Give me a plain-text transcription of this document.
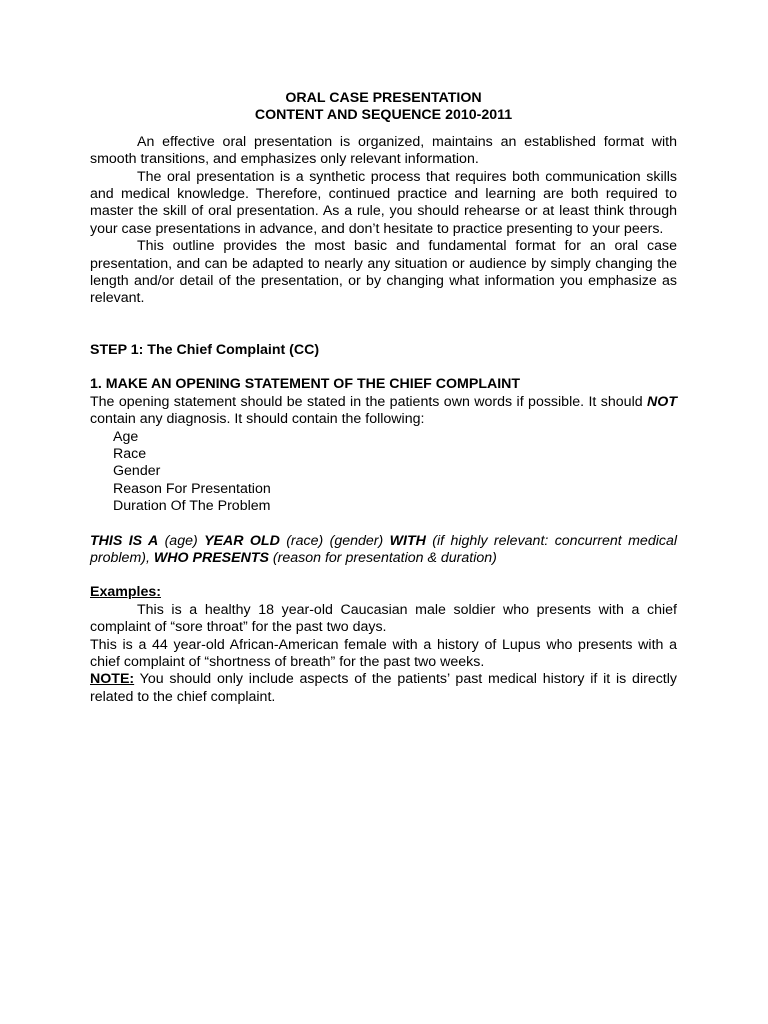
ORAL CASE PRESENTATION

CONTENT AND SEQUENCE 2010-2011

An effective oral presentation is organized, maintains an established format with smooth transitions, and emphasizes only relevant information.

The oral presentation is a synthetic process that requires both communication skills and medical knowledge. Therefore, continued practice and learning are both required to master the skill of oral presentation. As a rule, you should rehearse or at least think through your case presentations in advance, and don’t hesitate to practice presenting to your peers.

This outline provides the most basic and fundamental format for an oral case presentation, and can be adapted to nearly any situation or audience by simply changing the length and/or detail of the presentation, or by changing what information you emphasize as relevant.

STEP 1: The Chief Complaint (CC)

1. MAKE AN OPENING STATEMENT OF THE CHIEF COMPLAINT

The opening statement should be stated in the patients own words if possible. It should NOT contain any diagnosis. It should contain the following:

Age
Race
Gender
Reason For Presentation
Duration Of The Problem

THIS IS A (age) YEAR OLD (race) (gender) WITH (if highly relevant: concurrent medical problem), WHO PRESENTS (reason for presentation & duration)

Examples:

This is a healthy 18 year-old Caucasian male soldier who presents with a chief complaint of “sore throat” for the past two days.

This is a 44 year-old African-American female with a history of Lupus who presents with a chief complaint of “shortness of breath” for the past two weeks.

NOTE: You should only include aspects of the patients’ past medical history if it is directly related to the chief complaint.
